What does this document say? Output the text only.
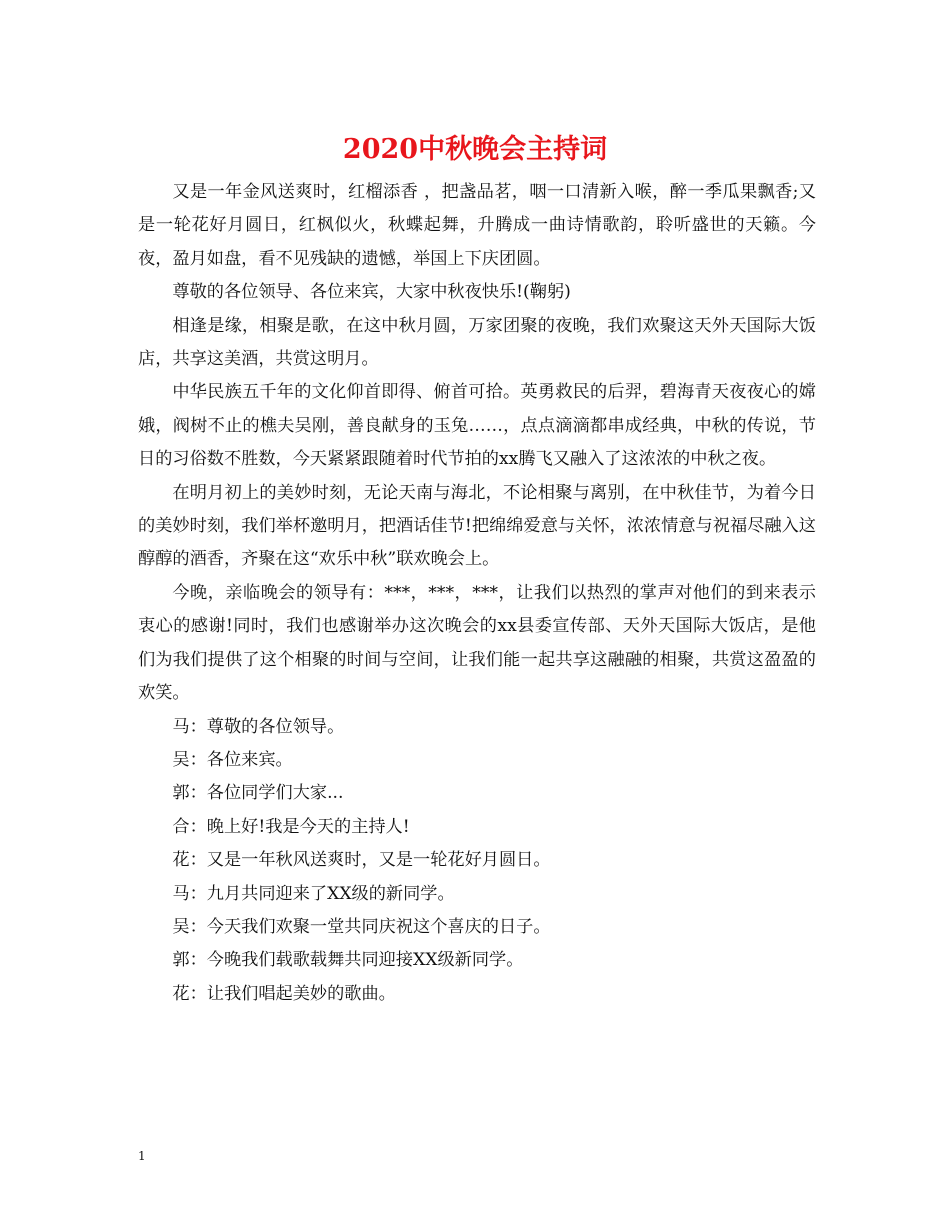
2020中秋晚会主持词

又是一年金风送爽时，红榴添香 ，把盏品茗，咽一口清新入喉，醉一季瓜果飘香;又是一轮花好月圆日，红枫似火，秋蝶起舞，升腾成一曲诗情歌韵，聆听盛世的天籁。今夜，盈月如盘，看不见残缺的遗憾，举国上下庆团圆。

尊敬的各位领导、各位来宾，大家中秋夜快乐!(鞠躬)

相逢是缘，相聚是歌，在这中秋月圆，万家团聚的夜晚，我们欢聚这天外天国际大饭店，共享这美酒，共赏这明月。

中华民族五千年的文化仰首即得、俯首可拾。英勇救民的后羿，碧海青天夜夜心的嫦娥，阀树不止的樵夫吴刚，善良献身的玉兔……，点点滴滴都串成经典，中秋的传说，节日的习俗数不胜数，今天紧紧跟随着时代节拍的xx腾飞又融入了这浓浓的中秋之夜。

在明月初上的美妙时刻，无论天南与海北，不论相聚与离别，在中秋佳节，为着今日的美妙时刻，我们举杯邀明月，把酒话佳节!把绵绵爱意与关怀，浓浓情意与祝福尽融入这醇醇的酒香，齐聚在这“欢乐中秋”联欢晚会上。

今晚，亲临晚会的领导有：***，***，***，让我们以热烈的掌声对他们的到来表示衷心的感谢!同时，我们也感谢举办这次晚会的xx县委宣传部、天外天国际大饭店，是他们为我们提供了这个相聚的时间与空间，让我们能一起共享这融融的相聚，共赏这盈盈的欢笑。

马：尊敬的各位领导。

吴：各位来宾。

郭：各位同学们大家...

合：晚上好!我是今天的主持人!

花：又是一年秋风送爽时，又是一轮花好月圆日。

马：九月共同迎来了XX级的新同学。

吴：今天我们欢聚一堂共同庆祝这个喜庆的日子。

郭：今晚我们载歌载舞共同迎接XX级新同学。

花：让我们唱起美妙的歌曲。

1
